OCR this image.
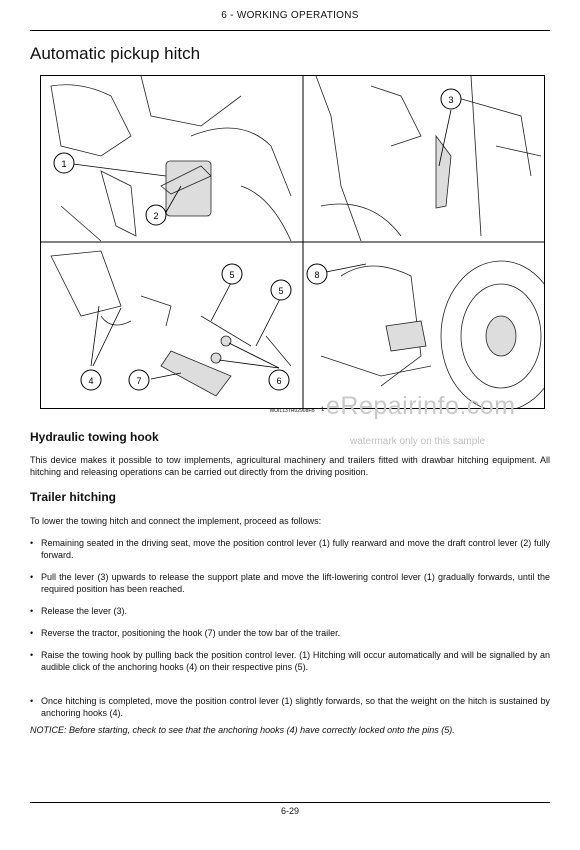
6 - WORKING OPERATIONS
Automatic pickup hitch
1
2
3
5	8
5
4	7	6
MOIL13TR02908FB 1 eRepairinfo.com
watermark only on this sample
Hydraulic towing hook
This device makes it possible to tow implements, agricultural machinery and trailers fitted with drawbar hitching equipment. All hitching and releasing operations can be carried out directly from the driving position.
Trailer hitching
To lower the towing hitch and connect the implement, proceed as follows:
• Remaining seated in the driving seat, move the position control lever (1) fully rearward and move the draft control lever (2) fully forward.
• Pull the lever (3) upwards to release the support plate and move the lift-lowering control lever (1) gradually forwards, until the required position has been reached.
• Release the lever (3).
• Reverse the tractor, positioning the hook (7) under the tow bar of the trailer.
• Raise the towing hook by pulling back the position control lever. (1) Hitching will occur automatically and will be signalled by an audible click of the anchoring hooks (4) on their respective pins (5).
• Once hitching is completed, move the position control lever (1) slightly forwards, so that the weight on the hitch is sustained by anchoring hooks (4).
NOTICE: Before starting, check to see that the anchoring hooks (4) have correctly locked onto the pins (5).
6-29
